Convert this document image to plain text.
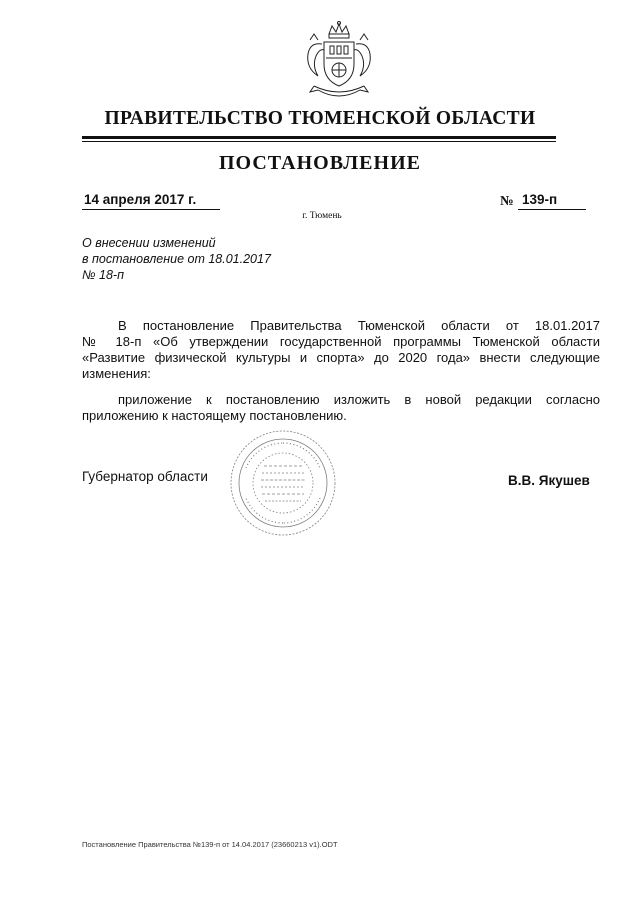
ПРАВИТЕЛЬСТВО ТЮМЕНСКОЙ ОБЛАСТИ
ПОСТАНОВЛЕНИЕ
14 апреля 2017 г.	№ 139-п
г. Тюмень
О внесении изменений
в постановление от 18.01.2017
№ 18-п
В постановление Правительства Тюменской области от 18.01.2017
№ 18-п «Об утверждении государственной программы Тюменской области
«Развитие физической культуры и спорта» до 2020 года» внести следующие
изменения:
приложение к постановлению изложить в новой редакции согласно
приложению к настоящему постановлению.
Губернатор области	В.В. Якушев
Постановление Правительства №139-п от 14.04.2017 (23660213 v1).ODT
